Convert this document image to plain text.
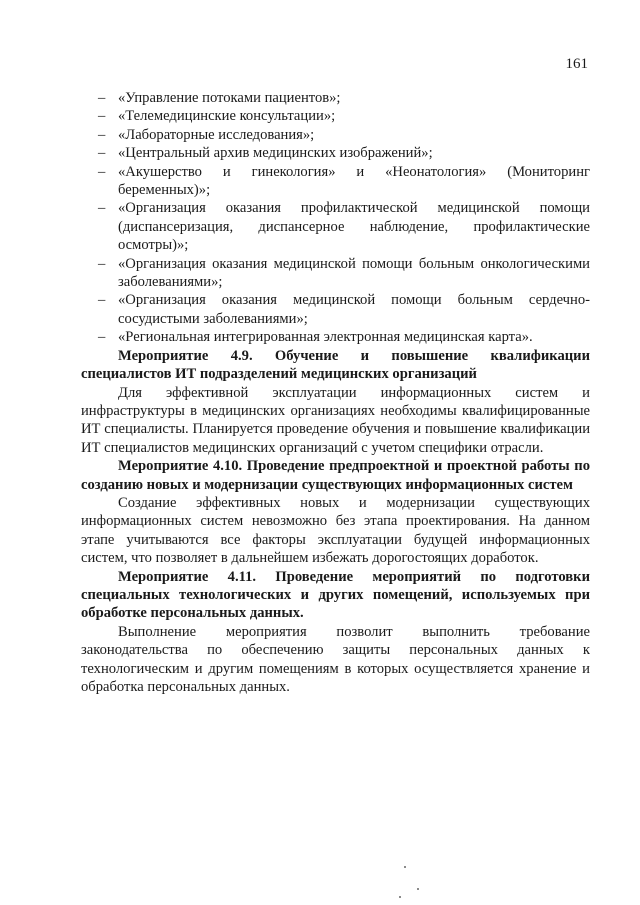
161
– «Управление потоками пациентов»;
– «Телемедицинские консультации»;
– «Лабораторные исследования»;
– «Центральный архив медицинских изображений»;
– «Акушерство и гинекология» и «Неонатология» (Мониторинг беременных)»;
– «Организация оказания профилактической медицинской помощи (диспансеризация, диспансерное наблюдение, профилактические осмотры)»;
– «Организация оказания медицинской помощи больным онкологическими заболеваниями»;
– «Организация оказания медицинской помощи больным сердечно-сосудистыми заболеваниями»;
– «Региональная интегрированная электронная медицинская карта».

Мероприятие 4.9. Обучение и повышение квалификации специалистов ИТ подразделений медицинских организаций

Для эффективной эксплуатации информационных систем и инфраструктуры в медицинских организациях необходимы квалифицированные ИТ специалисты. Планируется проведение обучения и повышение квалификации ИТ специалистов медицинских организаций с учетом специфики отрасли.

Мероприятие 4.10. Проведение предпроектной и проектной работы по созданию новых и модернизации существующих информационных систем

Создание эффективных новых и модернизации существующих информационных систем невозможно без этапа проектирования. На данном этапе учитываются все факторы эксплуатации будущей информационных систем, что позволяет в дальнейшем избежать дорогостоящих доработок.

Мероприятие 4.11. Проведение мероприятий по подготовки специальных технологических и других помещений, используемых при обработке персональных данных.

Выполнение мероприятия позволит выполнить требование законодательства по обеспечению защиты персональных данных к технологическим и другим помещениям в которых осуществляется хранение и обработка персональных данных.
